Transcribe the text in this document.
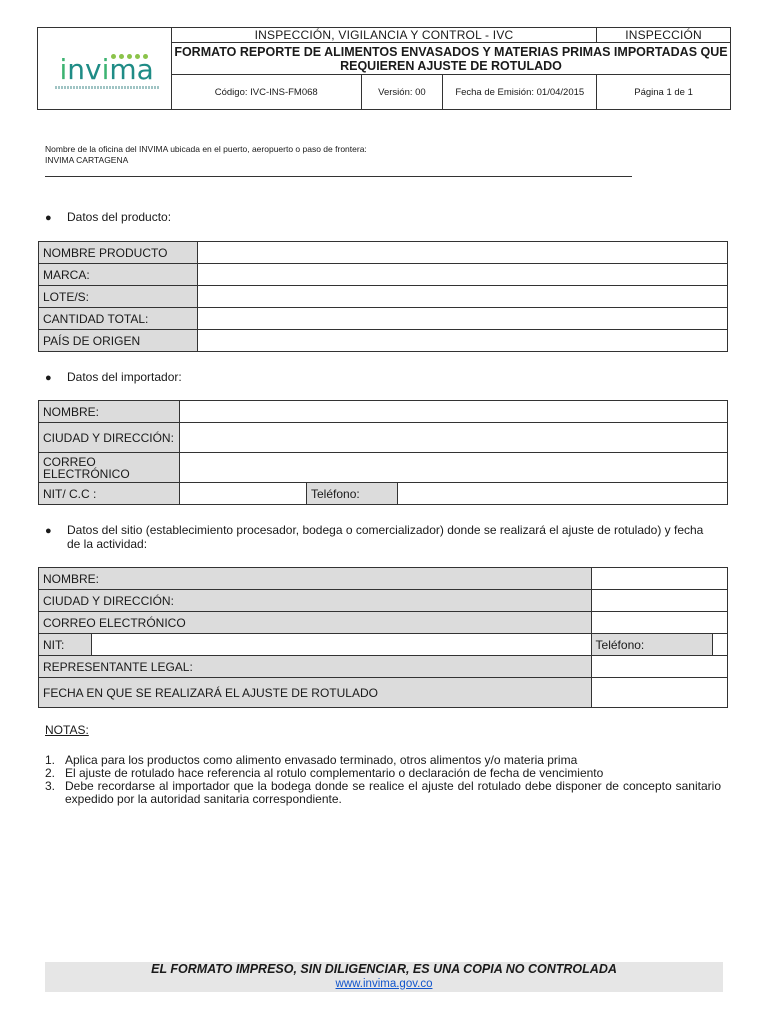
invima	INSPECCIÓN, VIGILANCIA Y CONTROL - IVC			INSPECCIÓN
	FORMATO REPORTE DE ALIMENTOS ENVASADOS Y MATERIAS PRIMAS IMPORTADAS QUE REQUIEREN AJUSTE DE ROTULADO			
	Código: IVC-INS-FM068	Versión: 00	Fecha de Emisión: 01/04/2015	Página 1 de 1
Nombre de la oficina del INVIMA ubicada en el puerto, aeropuerto o paso de frontera:
INVIMA CARTAGENA
● Datos del producto:
NOMBRE PRODUCTO	
MARCA:	
LOTE/S:	
CANTIDAD TOTAL:	
PAÍS DE ORIGEN	
● Datos del importador:
NOMBRE:			
CIUDAD Y DIRECCIÓN:			
CORREO ELECTRÓNICO			
NIT/ C.C :		Teléfono:	
● Datos del sitio (establecimiento procesador, bodega o comercializador) donde se realizará el ajuste de rotulado) y fecha de la actividad:
NOMBRE:			
CIUDAD Y DIRECCIÓN:			
CORREO ELECTRÓNICO			
NIT:		Teléfono:	
REPRESENTANTE LEGAL:			
FECHA EN QUE SE REALIZARÁ EL AJUSTE DE ROTULADO			
NOTAS:
1. Aplica para los productos como alimento envasado terminado, otros alimentos y/o materia prima
2. El ajuste de rotulado hace referencia al rotulo complementario o declaración de fecha de vencimiento
3. Debe recordarse al importador que la bodega donde se realice el ajuste del rotulado debe disponer de concepto sanitario expedido por la autoridad sanitaria correspondiente.
EL FORMATO IMPRESO, SIN DILIGENCIAR, ES UNA COPIA NO CONTROLADA
www.invima.gov.co
